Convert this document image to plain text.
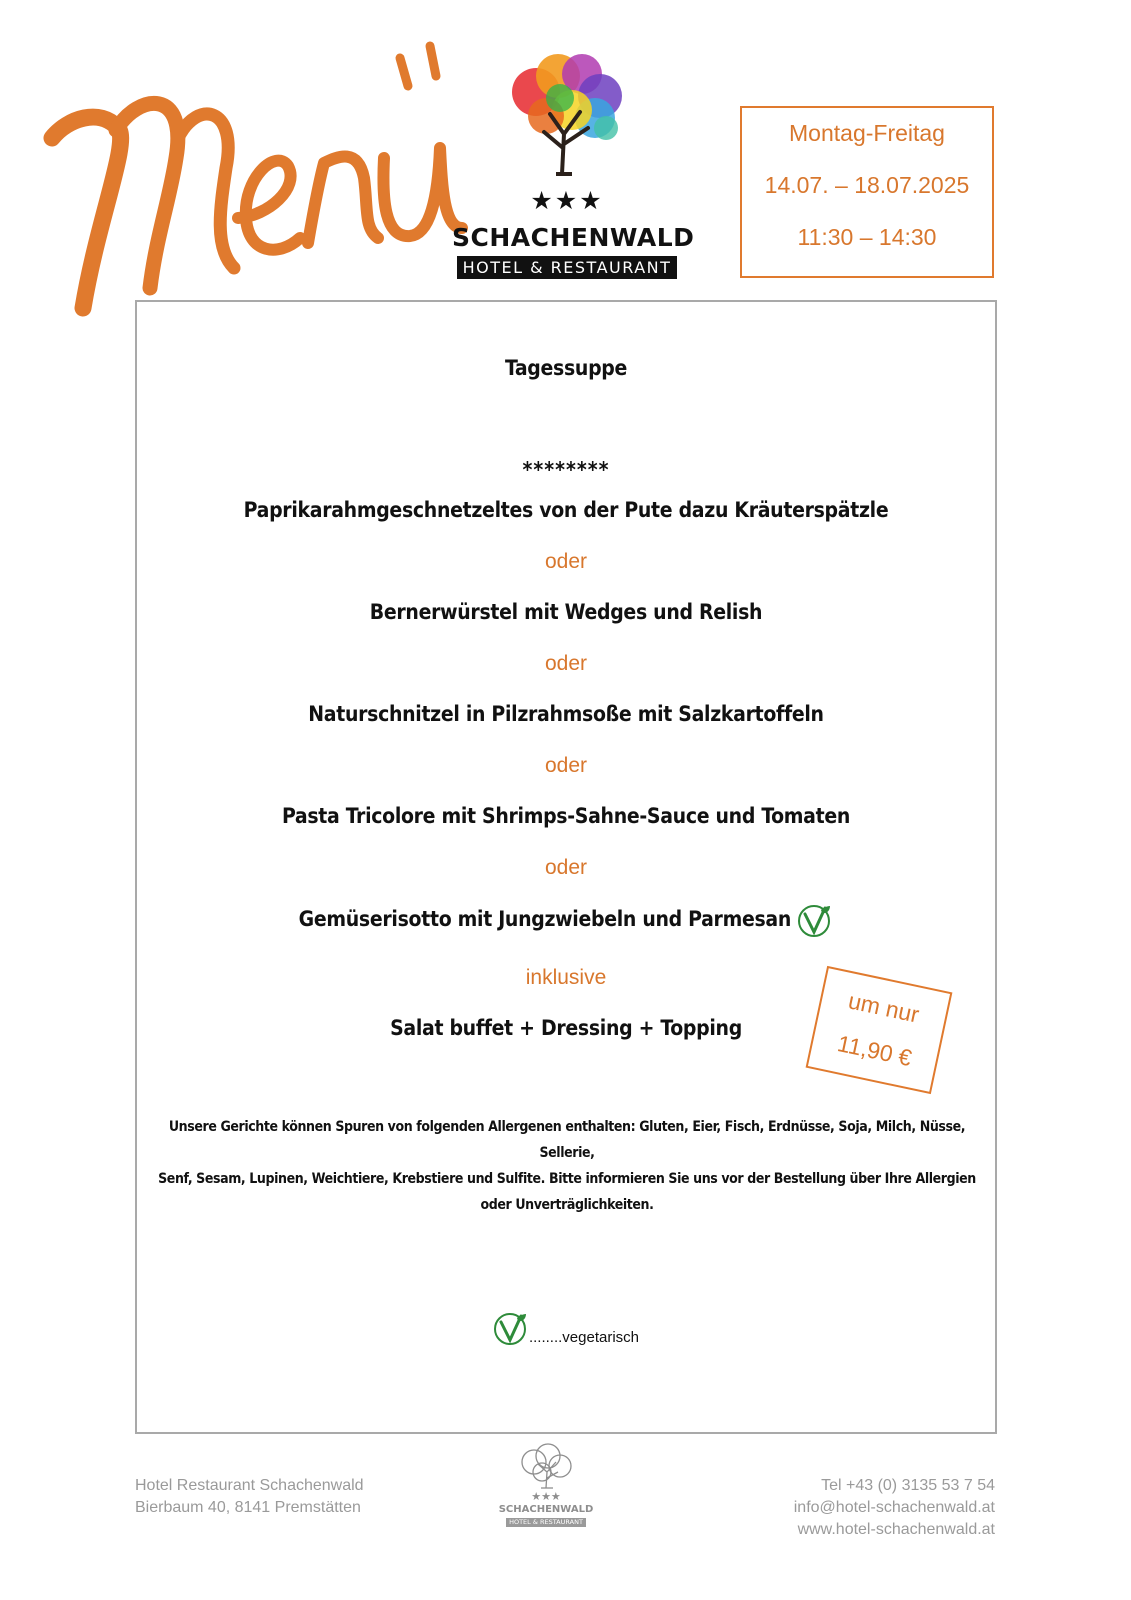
★★★
SCHACHENWALD
HOTEL & RESTAURANT
Montag-Freitag
14.07. – 18.07.2025
11:30 – 14:30
Tagessuppe
********
Paprikarahmgeschnetzeltes von der Pute dazu Kräuterspätzle
oder
Bernerwürstel mit Wedges und Relish
oder
Naturschnitzel in Pilzrahmsoße mit Salzkartoffeln
oder
Pasta Tricolore mit Shrimps-Sahne-Sauce und Tomaten
oder
Gemüserisotto mit Jungzwiebeln und Parmesan
inklusive
Salat buffet + Dressing + Topping
Unsere Gerichte können Spuren von folgenden Allergenen enthalten: Gluten, Eier, Fisch, Erdnüsse, Soja, Milch, Nüsse, Sellerie,
Senf, Sesam, Lupinen, Weichtiere, Krebstiere und Sulfite. Bitte informieren Sie uns vor der Bestellung über Ihre Allergien
oder Unverträglichkeiten.
........vegetarisch
um nur
11,90 €
Hotel Restaurant Schachenwald
Bierbaum 40, 8141 Premstätten
★★★
SCHACHENWALD
HOTEL & RESTAURANT
Tel +43 (0) 3135 53 7 54
info@hotel-schachenwald.at
www.hotel-schachenwald.at
